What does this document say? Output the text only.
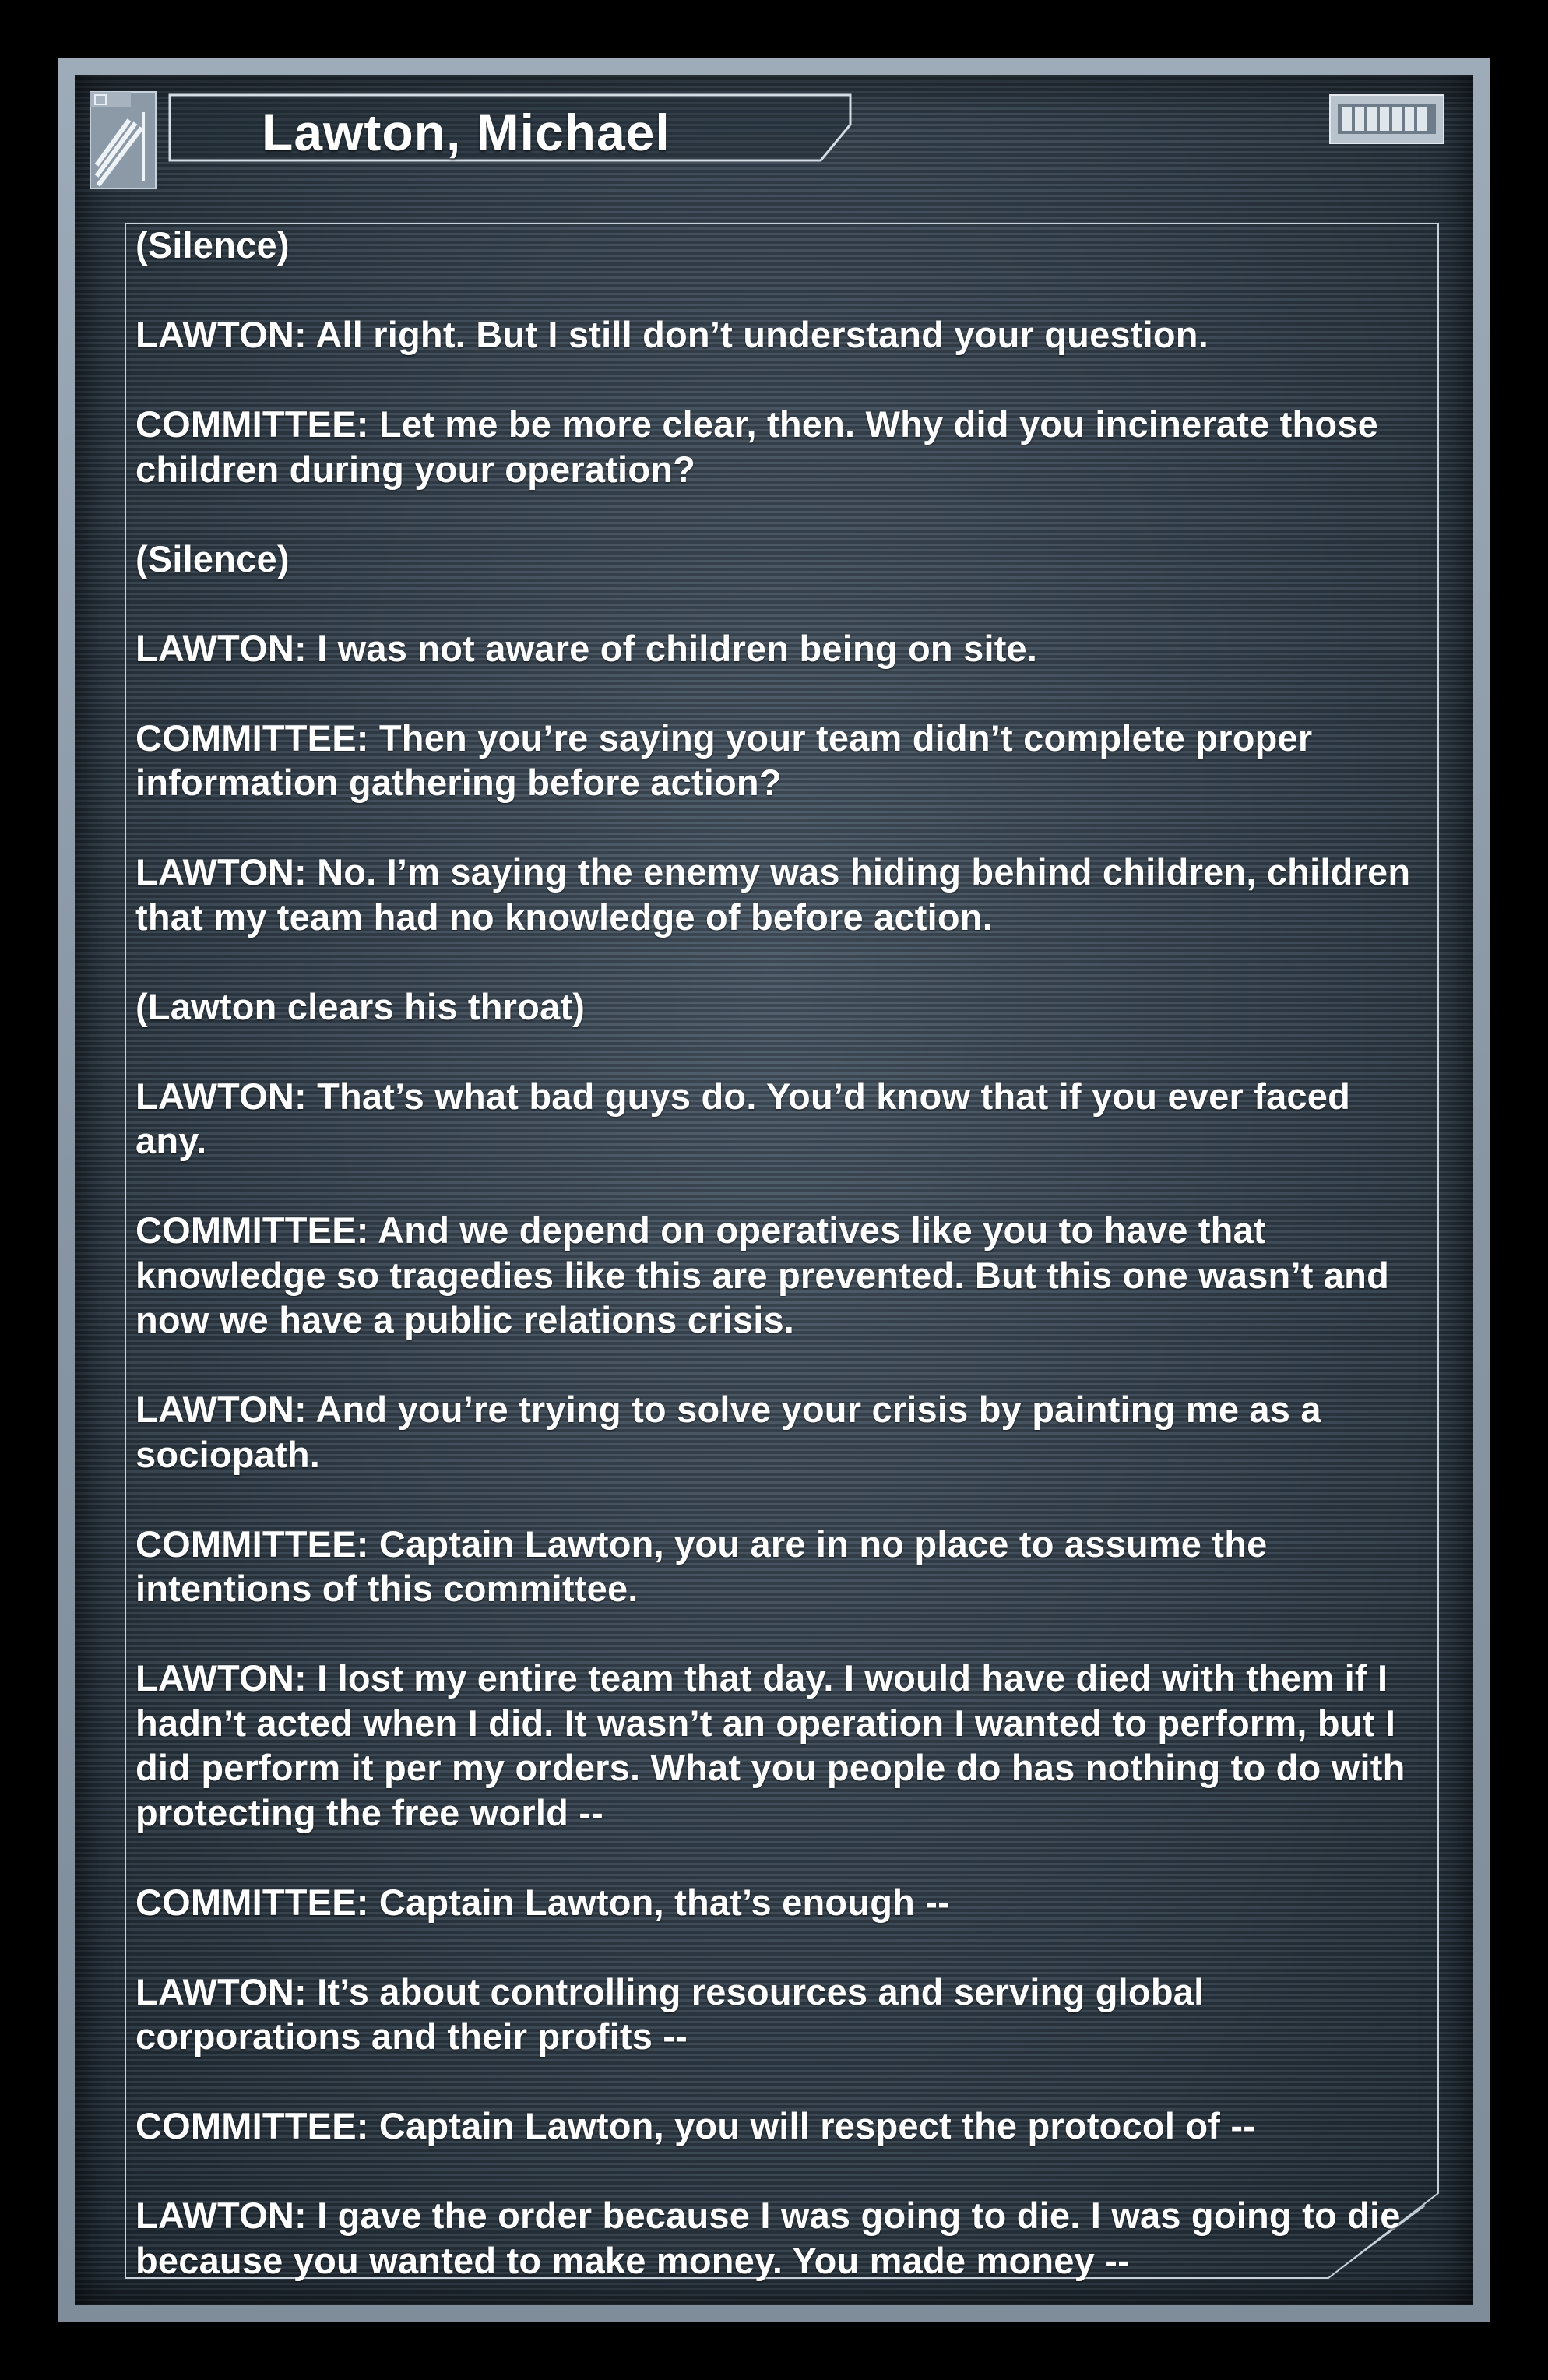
Lawton, Michael
(Silence)
LAWTON: All right. But I still don’t understand your question.
COMMITTEE: Let me be more clear, then. Why did you incinerate those children during your operation?
(Silence)
LAWTON: I was not aware of children being on site.
COMMITTEE: Then you’re saying your team didn’t complete proper information gathering before action?
LAWTON: No. I’m saying the enemy was hiding behind children, children that my team had no knowledge of before action.
(Lawton clears his throat)
LAWTON: That’s what bad guys do. You’d know that if you ever faced any.
COMMITTEE: And we depend on operatives like you to have that knowledge so tragedies like this are prevented. But this one wasn’t and now we have a public relations crisis.
LAWTON: And you’re trying to solve your crisis by painting me as a sociopath.
COMMITTEE: Captain Lawton, you are in no place to assume the intentions of this committee.
LAWTON: I lost my entire team that day. I would have died with them if I hadn’t acted when I did. It wasn’t an operation I wanted to perform, but I did perform it per my orders. What you people do has nothing to do with protecting the free world --
COMMITTEE: Captain Lawton, that’s enough --
LAWTON: It’s about controlling resources and serving global corporations and their profits --
COMMITTEE: Captain Lawton, you will respect the protocol of --
LAWTON: I gave the order because I was going to die. I was going to die because you wanted to make money. You made money --
